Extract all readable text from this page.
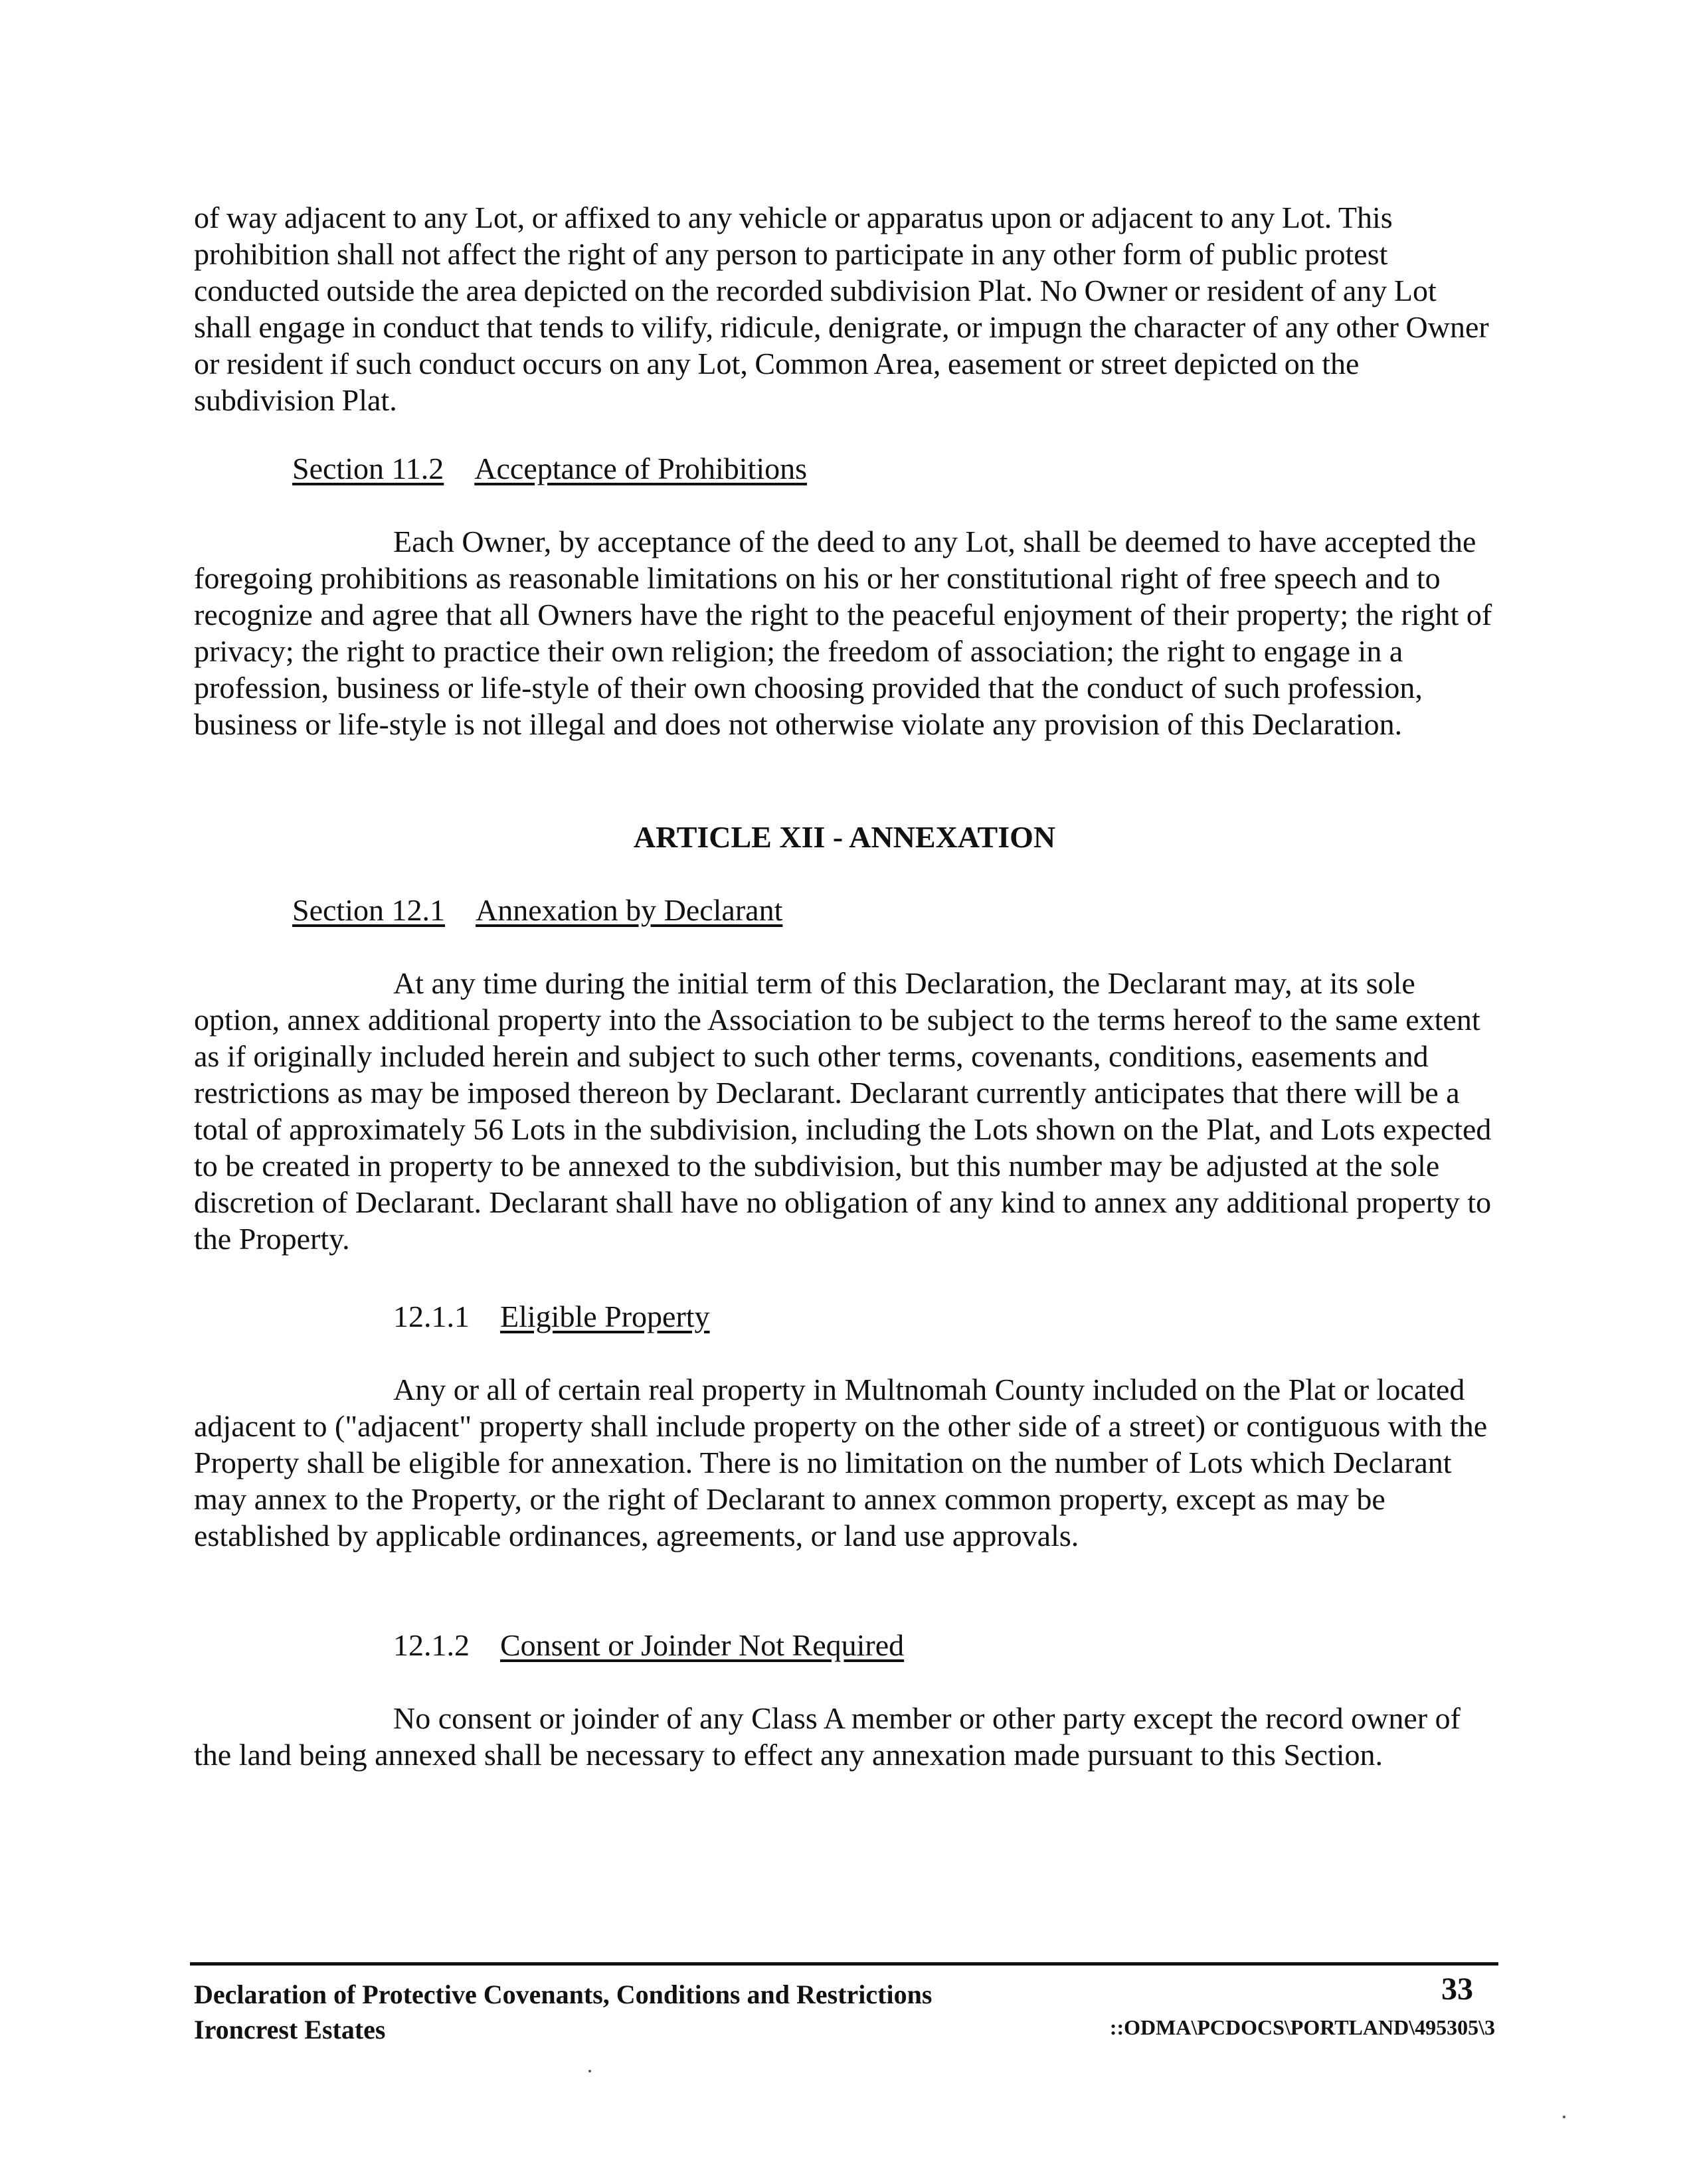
of way adjacent to any Lot, or affixed to any vehicle or apparatus upon or adjacent to any Lot. This prohibition shall not affect the right of any person to participate in any other form of public protest conducted outside the area depicted on the recorded subdivision Plat. No Owner or resident of any Lot shall engage in conduct that tends to vilify, ridicule, denigrate, or impugn the character of any other Owner or resident if such conduct occurs on any Lot, Common Area, easement or street depicted on the subdivision Plat.

Section 11.2 Acceptance of Prohibitions

Each Owner, by acceptance of the deed to any Lot, shall be deemed to have accepted the foregoing prohibitions as reasonable limitations on his or her constitutional right of free speech and to recognize and agree that all Owners have the right to the peaceful enjoyment of their property; the right of privacy; the right to practice their own religion; the freedom of association; the right to engage in a profession, business or life-style of their own choosing provided that the conduct of such profession, business or life-style is not illegal and does not otherwise violate any provision of this Declaration.

ARTICLE XII - ANNEXATION
Section 12.1 Annexation by Declarant

At any time during the initial term of this Declaration, the Declarant may, at its sole option, annex additional property into the Association to be subject to the terms hereof to the same extent as if originally included herein and subject to such other terms, covenants, conditions, easements and restrictions as may be imposed thereon by Declarant. Declarant currently anticipates that there will be a total of approximately 56 Lots in the subdivision, including the Lots shown on the Plat, and Lots expected to be created in property to be annexed to the subdivision, but this number may be adjusted at the sole discretion of Declarant. Declarant shall have no obligation of any kind to annex any additional property to the Property.

12.1.1 Eligible Property

Any or all of certain real property in Multnomah County included on the Plat or located adjacent to ("adjacent" property shall include property on the other side of a street) or contiguous with the Property shall be eligible for annexation. There is no limitation on the number of Lots which Declarant may annex to the Property, or the right of Declarant to annex common property, except as may be established by applicable ordinances, agreements, or land use approvals.

12.1.2 Consent or Joinder Not Required

No consent or joinder of any Class A member or other party except the record owner of the land being annexed shall be necessary to effect any annexation made pursuant to this Section.

Declaration of Protective Covenants, Conditions and Restrictions
Ironcrest Estates
33
::ODMA\PCDOCS\PORTLAND\495305\3
